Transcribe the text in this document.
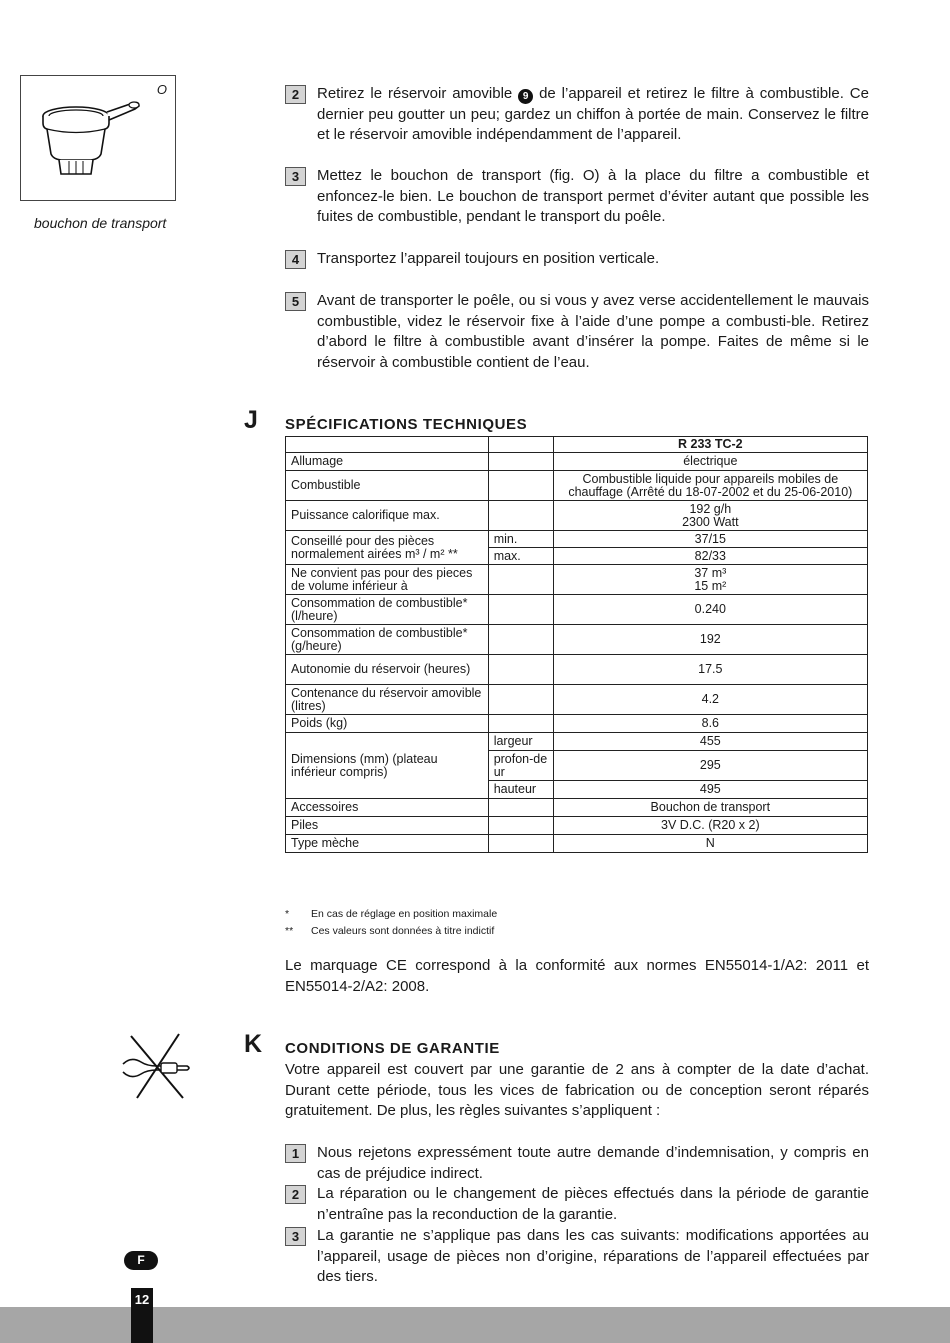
O
bouchon de transport
2	Retirez le réservoir amovible 9 de l’appareil et retirez le filtre à combustible. Ce dernier peu goutter un peu; gardez un chiffon à portée de main. Conservez le filtre et le réservoir amovible indépendamment de l’appareil.
3	Mettez le bouchon de transport (fig. O) à la place du filtre a combustible et enfoncez-le bien. Le bouchon de transport permet d’éviter autant que possible les fuites de combustible, pendant le transport du poêle.
4	Transportez l’appareil toujours en position verticale.
5	Avant de transporter le poêle, ou si vous y avez verse accidentellement le mauvais combustible, videz le réservoir fixe à l’aide d’une pompe a combusti-ble. Retirez d’abord le filtre à combustible avant d’insérer la pompe. Faites de même si le réservoir à combustible contient de l’eau.
J SPÉCIFICATIONS TECHNIQUES
		R 233 TC-2
Allumage		électrique
Combustible		Combustible liquide pour appareils mobiles de chauffage (Arrêté du 18-07-2002 et du 25-06-2010)
Puissance calorifique max.		192 g/h
2300 Watt

Conseillé pour des pièces normalement airées m³ / m² **	min.	37/15
	max.	82/33
Ne convient pas pour des pieces de volume inférieur à		37 m³
15 m²

Consommation de combustible* (l/heure)		0.240
Consommation de combustible* (g/heure)		192
Autonomie du réservoir (heures)		17.5
Contenance du réservoir amovible (litres)		4.2
Poids (kg)		8.6
Dimensions (mm) (plateau inférieur compris)	largeur	455
	profon-deur	295
	hauteur	495
Accessoires		Bouchon de transport
Piles		3V D.C. (R20 x 2)
Type mèche		N
* En cas de réglage en position maximale
** Ces valeurs sont données à titre indictif
Le marquage CE correspond à la conformité aux normes EN55014-1/A2: 2011 et EN55014-2/A2: 2008.
K CONDITIONS DE GARANTIE
Votre appareil est couvert par une garantie de 2 ans à compter de la date d’achat. Durant cette période, tous les vices de fabrication ou de conception seront réparés gratuitement. De plus, les règles suivantes s’appliquent :
1	Nous rejetons expressément toute autre demande d’indemnisation, y compris en cas de préjudice indirect.
2	La réparation ou le changement de pièces effectués dans la période de garantie n’entraîne pas la reconduction de la garantie.
3	La garantie ne s’applique pas dans les cas suivants: modifications apportées au l’appareil, usage de pièces non d’origine, réparations de l’appareil effectuées par des tiers.
F
12
